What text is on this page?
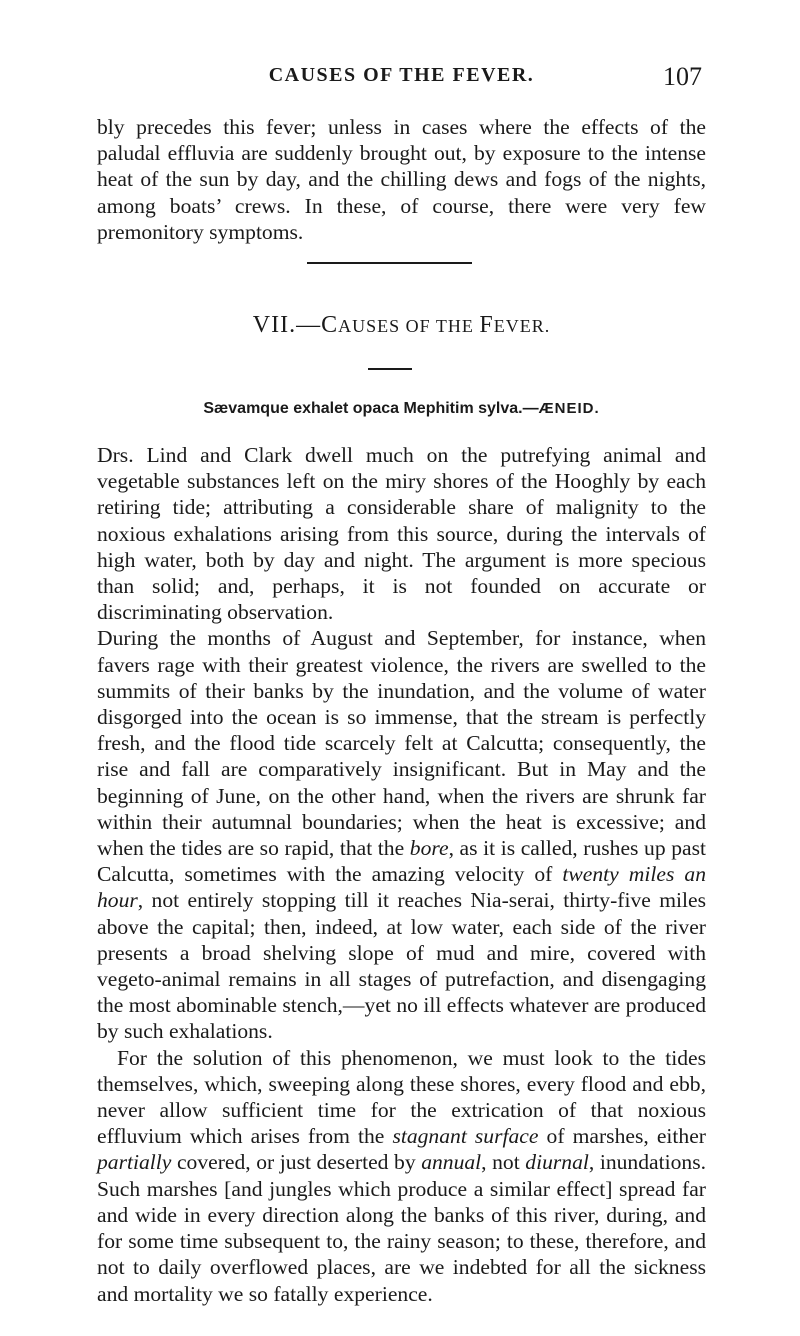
CAUSES OF THE FEVER.	107

bly precedes this fever; unless in cases where the effects of the paludal effluvia are suddenly brought out, by exposure to the intense heat of the sun by day, and the chilling dews and fogs of the nights, among boats’ crews. In these, of course, there were very few premonitory symptoms.

VII.—CAUSES OF THE FEVER.
Sævamque exhalet opaca Mephitim sylva.—ÆNEID.

Drs. Lind and Clark dwell much on the putrefying animal and vegetable substances left on the miry shores of the Hooghly by each retiring tide; attributing a considerable share of malignity to the noxious exhalations arising from this source, during the intervals of high water, both by day and night. The argument is more specious than solid; and, perhaps, it is not founded on accurate or discriminating observation.

During the months of August and September, for instance, when favers rage with their greatest violence, the rivers are swelled to the summits of their banks by the inundation, and the volume of water disgorged into the ocean is so immense, that the stream is perfectly fresh, and the flood tide scarcely felt at Calcutta; consequently, the rise and fall are comparatively insignificant. But in May and the beginning of June, on the other hand, when the rivers are shrunk far within their autumnal boundaries; when the heat is excessive; and when the tides are so rapid, that the bore, as it is called, rushes up past Calcutta, sometimes with the amazing velocity of twenty miles an hour, not entirely stopping till it reaches Nia-serai, thirty-five miles above the capital; then, indeed, at low water, each side of the river presents a broad shelving slope of mud and mire, covered with vegeto-animal remains in all stages of putrefaction, and disengaging the most abominable stench,—yet no ill effects whatever are produced by such exhalations.

For the solution of this phenomenon, we must look to the tides themselves, which, sweeping along these shores, every flood and ebb, never allow sufficient time for the extrication of that noxious effluvium which arises from the stagnant surface of marshes, either partially covered, or just deserted by annual, not diurnal, inundations. Such marshes [and jungles which produce a similar effect] spread far and wide in every direction along the banks of this river, during, and for some time subsequent to, the rainy season; to these, therefore, and not to daily overflowed places, are we indebted for all the sickness and mortality we so fatally experience.
